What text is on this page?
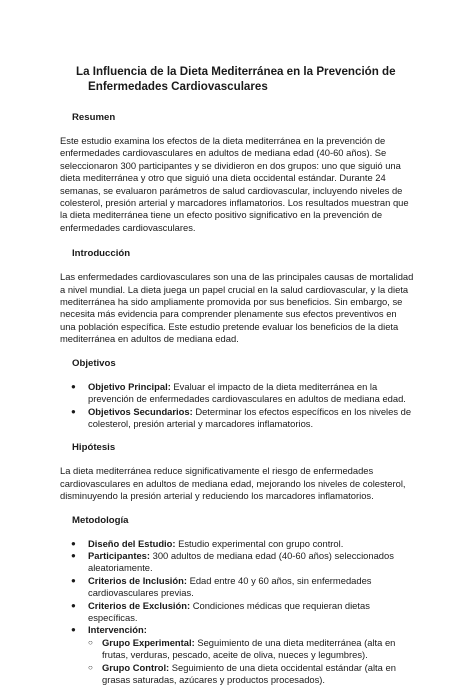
La Influencia de la Dieta Mediterránea en la Prevención de
Enfermedades Cardiovasculares
Resumen

Este estudio examina los efectos de la dieta mediterránea en la prevención de enfermedades cardiovasculares en adultos de mediana edad (40-60 años). Se seleccionaron 300 participantes y se dividieron en dos grupos: uno que siguió una dieta mediterránea y otro que siguió una dieta occidental estándar. Durante 24 semanas, se evaluaron parámetros de salud cardiovascular, incluyendo niveles de colesterol, presión arterial y marcadores inflamatorios. Los resultados muestran que la dieta mediterránea tiene un efecto positivo significativo en la prevención de enfermedades cardiovasculares.

Introducción

Las enfermedades cardiovasculares son una de las principales causas de mortalidad a nivel mundial. La dieta juega un papel crucial en la salud cardiovascular, y la dieta mediterránea ha sido ampliamente promovida por sus beneficios. Sin embargo, se necesita más evidencia para comprender plenamente sus efectos preventivos en una población específica. Este estudio pretende evaluar los beneficios de la dieta mediterránea en adultos de mediana edad.

Objetivos
● Objetivo Principal: Evaluar el impacto de la dieta mediterránea en la prevención de enfermedades cardiovasculares en adultos de mediana edad.
● Objetivos Secundarios: Determinar los efectos específicos en los niveles de colesterol, presión arterial y marcadores inflamatorios.
Hipótesis

La dieta mediterránea reduce significativamente el riesgo de enfermedades cardiovasculares en adultos de mediana edad, mejorando los niveles de colesterol, disminuyendo la presión arterial y reduciendo los marcadores inflamatorios.

Metodología
● Diseño del Estudio: Estudio experimental con grupo control.
● Participantes: 300 adultos de mediana edad (40-60 años) seleccionados aleatoriamente.
● Criterios de Inclusión: Edad entre 40 y 60 años, sin enfermedades cardiovasculares previas.
● Criterios de Exclusión: Condiciones médicas que requieran dietas específicas.
● Intervención:
○ Grupo Experimental: Seguimiento de una dieta mediterránea (alta en frutas, verduras, pescado, aceite de oliva, nueces y legumbres).
○ Grupo Control: Seguimiento de una dieta occidental estándar (alta en grasas saturadas, azúcares y productos procesados).
